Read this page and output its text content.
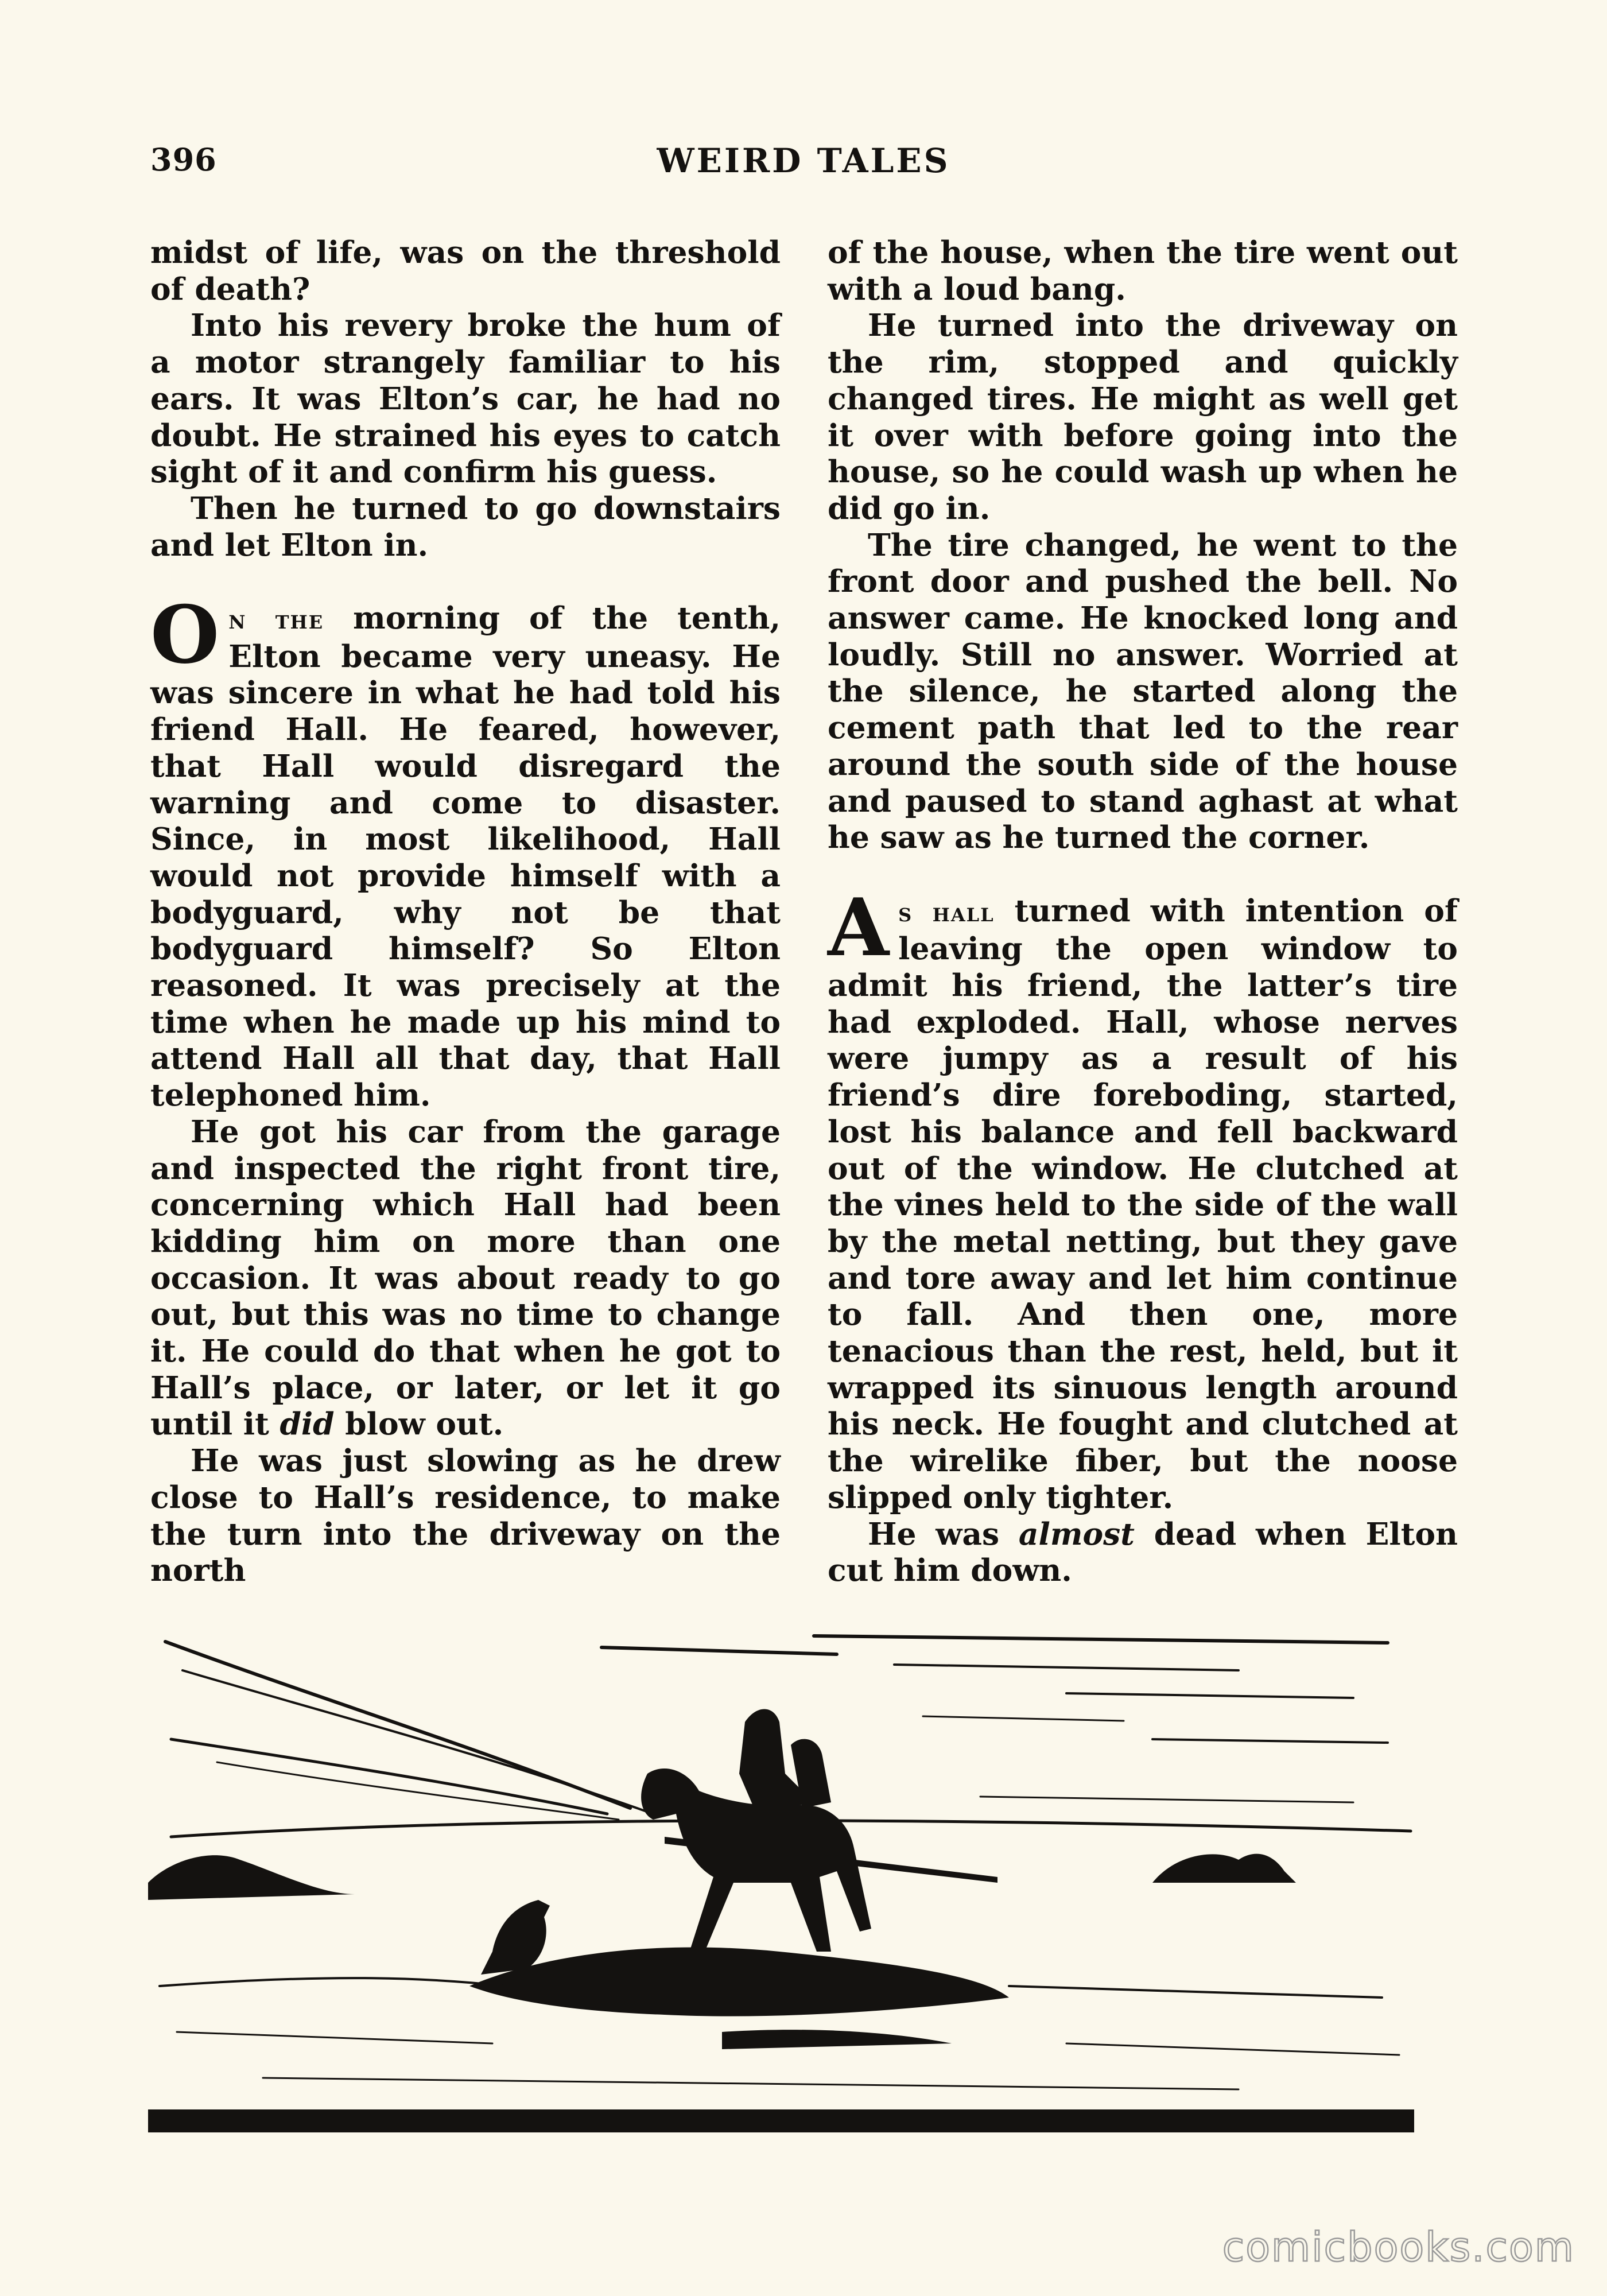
396	WEIRD TALES

midst of life, was on the threshold of death?

Into his revery broke the hum of a motor strangely familiar to his ears. It was Elton’s car, he had no doubt. He strained his eyes to catch sight of it and confirm his guess.

Then he turned to go downstairs and let Elton in.

On the morning of the tenth, Elton became very uneasy. He was sincere in what he had told his friend Hall. He feared, however, that Hall would disregard the warning and come to disaster. Since, in most likelihood, Hall would not provide himself with a bodyguard, why not be that bodyguard himself? So Elton reasoned. It was precisely at the time when he made up his mind to attend Hall all that day, that Hall telephoned him.

He got his car from the garage and inspected the right front tire, concerning which Hall had been kidding him on more than one occasion. It was about ready to go out, but this was no time to change it. He could do that when he got to Hall’s place, or later, or let it go until it did blow out.

He was just slowing as he drew close to Hall’s residence, to make the turn into the driveway on the north

of the house, when the tire went out with a loud bang.

He turned into the driveway on the rim, stopped and quickly changed tires. He might as well get it over with before going into the house, so he could wash up when he did go in.

The tire changed, he went to the front door and pushed the bell. No answer came. He knocked long and loudly. Still no answer. Worried at the silence, he started along the cement path that led to the rear around the south side of the house and paused to stand aghast at what he saw as he turned the corner.

As hall turned with intention of leaving the open window to admit his friend, the latter’s tire had exploded. Hall, whose nerves were jumpy as a result of his friend’s dire foreboding, started, lost his balance and fell backward out of the window. He clutched at the vines held to the side of the wall by the metal netting, but they gave and tore away and let him continue to fall. And then one, more tenacious than the rest, held, but it wrapped its sinuous length around his neck. He fought and clutched at the wirelike fiber, but the noose slipped only tighter.

He was almost dead when Elton cut him down.

comicbooks.com
